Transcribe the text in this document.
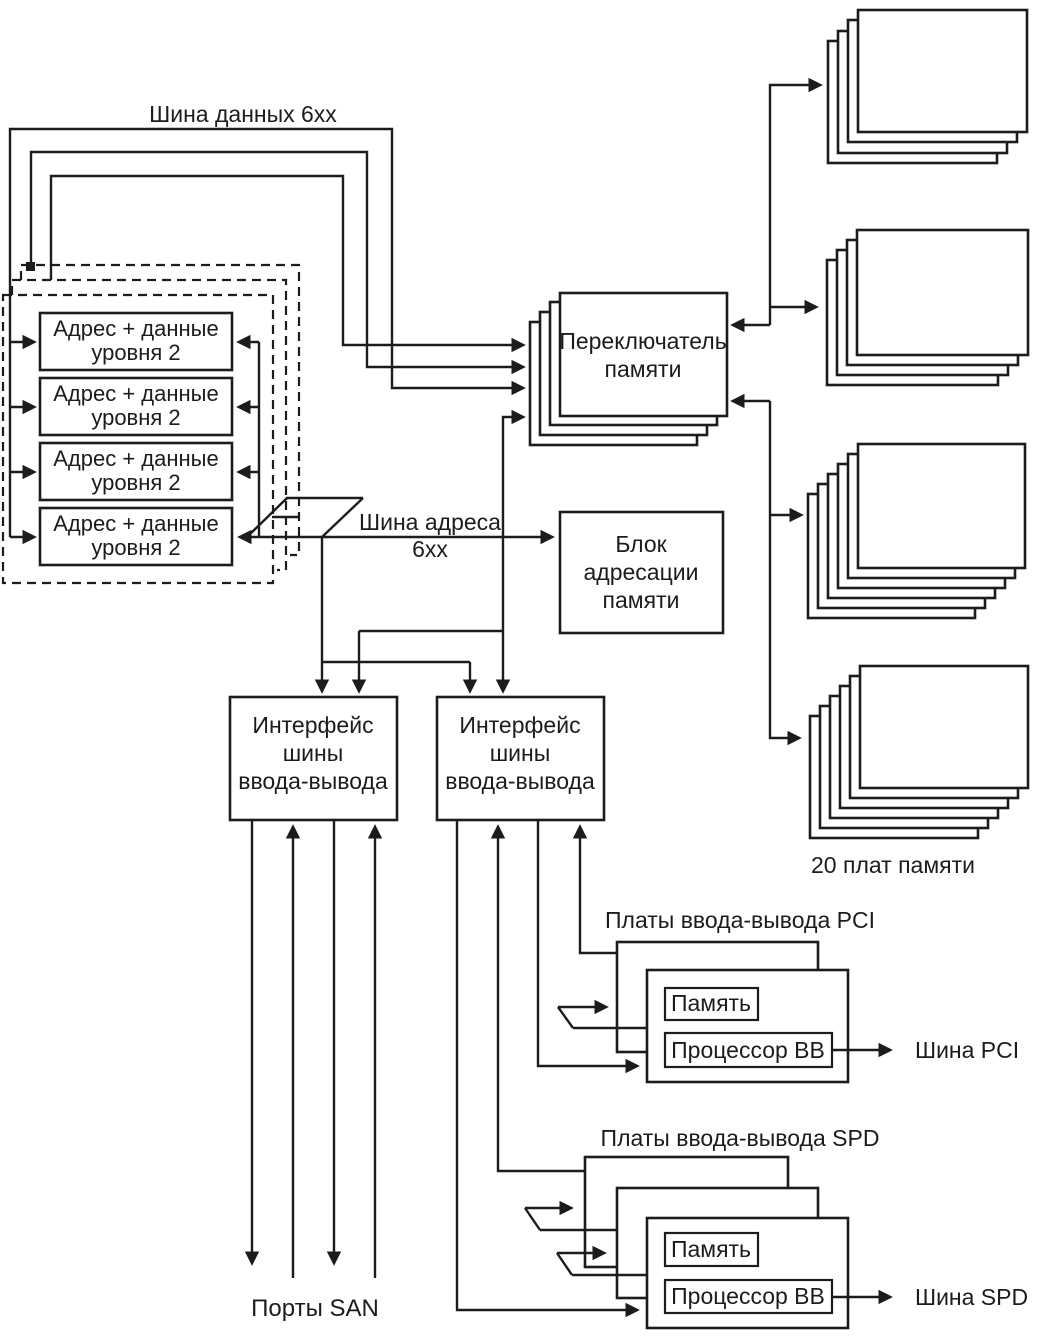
Шина данных 6xx
Адрес + данные
уровня 2
Адрес + данные
уровня 2
Адрес + данные
уровня 2
Адрес + данные
уровня 2
Шина адреса
6xx
Переключатель
памяти
Блок
адресации
памяти
20 плат памяти
Интерфейс
шины
ввода-вывода
Интерфейс
шины
ввода-вывода
Порты SAN
Платы ввода-вывода PCI
Память
Процессор ВВ	Шина PCI
Платы ввода-вывода SPD
Память
Процессор ВВ	Шина SPD
